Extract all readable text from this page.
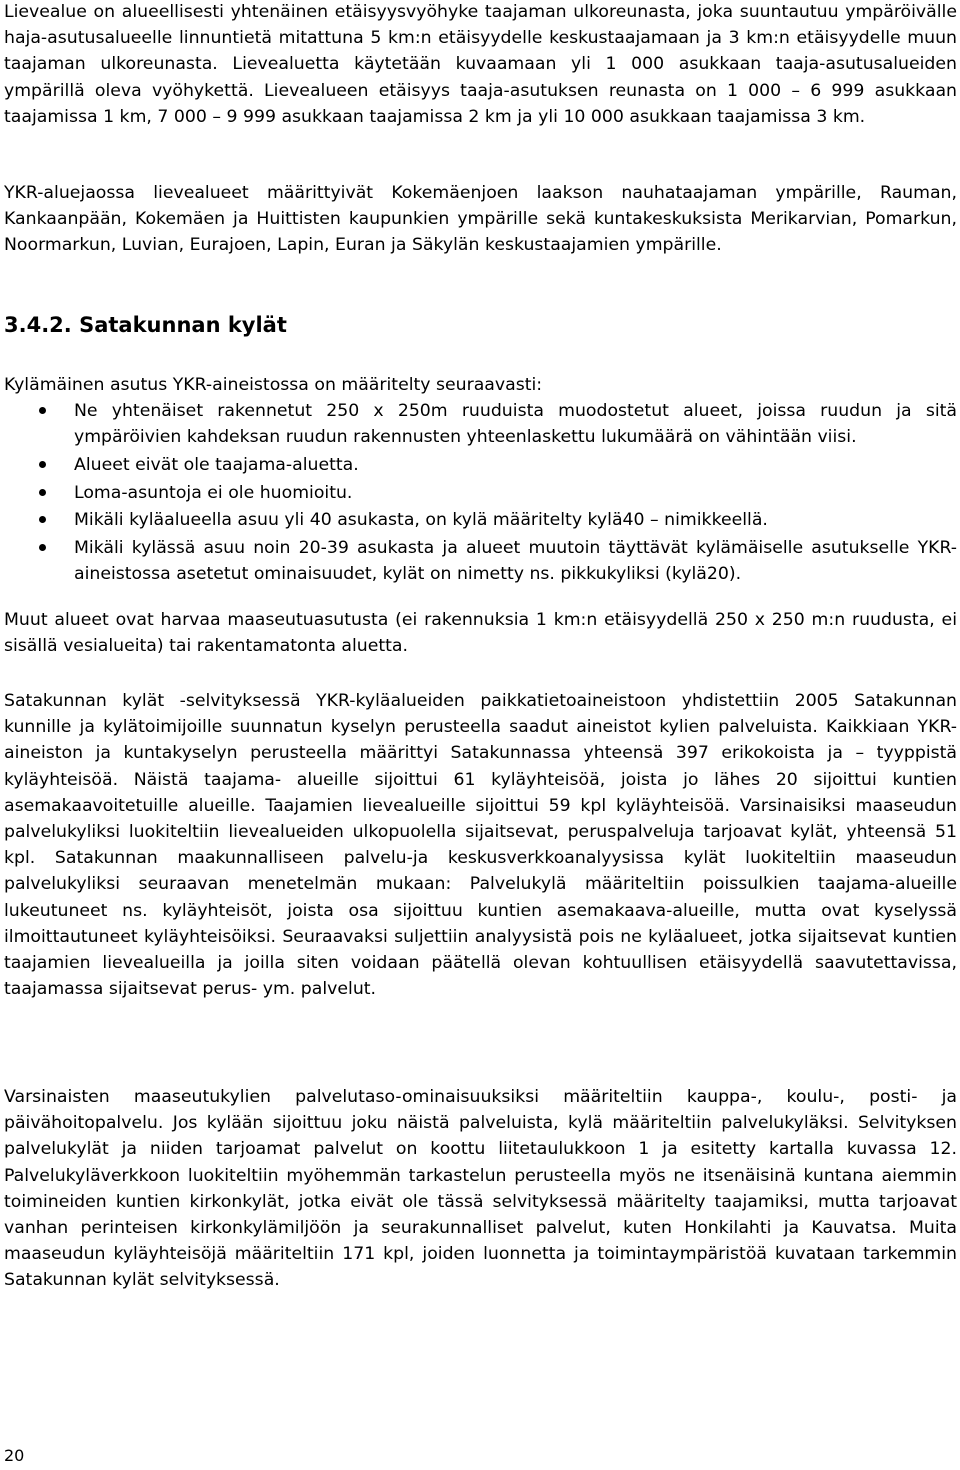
Lievealue on alueellisesti yhtenäinen etäisyysvyöhyke taajaman ulkoreunasta, joka suuntautuu ympäröivälle haja-asutusalueelle linnuntietä mitattuna 5 km:n etäisyydelle keskustaajamaan ja 3 km:n etäisyydelle muun taajaman ulkoreunasta. Lievealuetta käytetään kuvaamaan yli 1 000 asukkaan taaja-asutusalueiden ympärillä oleva vyöhykettä. Lievealueen etäisyys taaja-asutuksen reunasta on 1 000 – 6 999 asukkaan taajamissa 1 km, 7 000 – 9 999 asukkaan taajamissa 2 km ja yli 10 000 asukkaan taajamissa 3 km.

YKR-aluejaossa lievealueet määrittyivät Kokemäenjoen laakson nauhataajaman ympärille, Rauman, Kankaanpään, Kokemäen ja Huittisten kaupunkien ympärille sekä kuntakeskuksista Merikarvian, Pomarkun, Noormarkun, Luvian, Eurajoen, Lapin, Euran ja Säkylän keskustaajamien ympärille.

3.4.2. Satakunnan kylät

Kylämäinen asutus YKR-aineistossa on määritelty seuraavasti:

Ne yhtenäiset rakennetut 250 x 250m ruuduista muodostetut alueet, joissa ruudun ja sitä ympäröivien kahdeksan ruudun rakennusten yhteenlaskettu lukumäärä on vähintään viisi.
Alueet eivät ole taajama-aluetta.
Loma-asuntoja ei ole huomioitu.
Mikäli kyläalueella asuu yli 40 asukasta, on kylä määritelty kylä40 – nimikkeellä.
Mikäli kylässä asuu noin 20-39 asukasta ja alueet muutoin täyttävät kylämäiselle asutukselle YKR-aineistossa asetetut ominaisuudet, kylät on nimetty ns. pikkukyliksi (kylä20).

Muut alueet ovat harvaa maaseutuasutusta (ei rakennuksia 1 km:n etäisyydellä 250 x 250 m:n ruudusta, ei sisällä vesialueita) tai rakentamatonta aluetta.

Satakunnan kylät -selvityksessä YKR-kyläalueiden paikkatietoaineistoon yhdistettiin 2005 Satakunnan kunnille ja kylätoimijoille suunnatun kyselyn perusteella saadut aineistot kylien palveluista. Kaikkiaan YKR-aineiston ja kuntakyselyn perusteella määrittyi Satakunnassa yhteensä 397 erikokoista ja – tyyppistä kyläyhteisöä. Näistä taajama- alueille sijoittui 61 kyläyhteisöä, joista jo lähes 20 sijoittui kuntien asemakaavoitetuille alueille. Taajamien lievealueille sijoittui 59 kpl kyläyhteisöä. Varsinaisiksi maaseudun palvelukyliksi luokiteltiin lievealueiden ulkopuolella sijaitsevat, peruspalveluja tarjoavat kylät, yhteensä 51 kpl. Satakunnan maakunnalliseen palvelu-ja keskusverkkoanalyysissa kylät luokiteltiin maaseudun palvelukyliksi seuraavan menetelmän mukaan: Palvelukylä määriteltiin poissulkien taajama-alueille lukeutuneet ns. kyläyhteisöt, joista osa sijoittuu kuntien asemakaava-alueille, mutta ovat kyselyssä ilmoittautuneet kyläyhteisöiksi. Seuraavaksi suljettiin analyysistä pois ne kyläalueet, jotka sijaitsevat kuntien taajamien lievealueilla ja joilla siten voidaan päätellä olevan kohtuullisen etäisyydellä saavutettavissa, taajamassa sijaitsevat perus- ym. palvelut.

Varsinaisten maaseutukylien palvelutaso-ominaisuuksiksi määriteltiin kauppa-, koulu-, posti- ja päivähoitopalvelu. Jos kylään sijoittuu joku näistä palveluista, kylä määriteltiin palvelukyläksi. Selvityksen palvelukylät ja niiden tarjoamat palvelut on koottu liitetaulukkoon 1 ja esitetty kartalla kuvassa 12. Palvelukyläverkkoon luokiteltiin myöhemmän tarkastelun perusteella myös ne itsenäisinä kuntana aiemmin toimineiden kuntien kirkonkylät, jotka eivät ole tässä selvityksessä määritelty taajamiksi, mutta tarjoavat vanhan perinteisen kirkonkylämiljöön ja seurakunnalliset palvelut, kuten Honkilahti ja Kauvatsa. Muita maaseudun kyläyhteisöjä määriteltiin 171 kpl, joiden luonnetta ja toimintaympäristöä kuvataan tarkemmin Satakunnan kylät selvityksessä.

20
